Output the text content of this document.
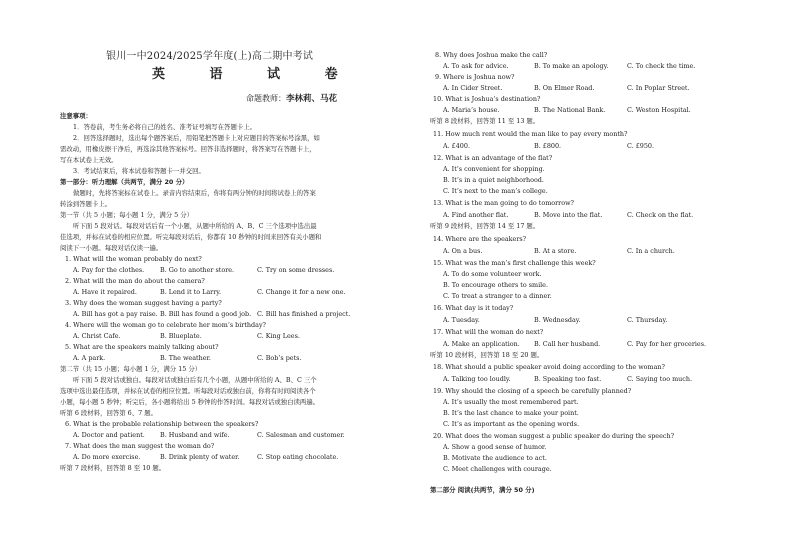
银川一中2024/2025学年度(上)高二期中考试
英 语 试 卷
命题教师：李林莉、马花
注意事项：
1．答卷前，考生务必将自己的姓名、准考证号填写在答题卡上。
2．回答选择题时，选出每个题答案后，用铅笔把答题卡上对应题目的答案标号涂黑，如
需改动，用橡皮擦干净后，再选涂其他答案标号。回答非选择题时，将答案写在答题卡上，
写在本试卷上无效。
3．考试结束后，将本试卷和答题卡一并交回。
第一部分：听力理解（共两节，满分 20 分）
做题时，先将答案标在试卷上。录音内容结束后，你将有两分钟的时间将试卷上的答案
转涂到答题卡上。
第一节（共 5 小题；每小题 1 分，满分 5 分）
听下面 5 段对话。每段对话后有一个小题，从题中所给的 A、B、C 三个选项中选出最
佳选项，并标在试卷的相应位置。听完每段对话后，你都有 10 秒钟的时间来回答有关小题和
阅读下一小题。每段对话仅读一遍。
1. What will the woman probably do next?
A. Pay for the clothes. B. Go to another store.	C. Try on some dresses.
2. What will the man do about the camera?
A. Have it repaired.	B. Lend it to Larry.	C. Change it for a new one.
3. Why does the woman suggest having a party?
A. Bill has got a pay raise. B. Bill has found a good job. C. Bill has finished a project.
4. Where will the woman go to celebrate her mom’s birthday?
A. Christ Cafe.	B. Blueplate.	C. King Lees.
5. What are the speakers mainly talking about?
A. A park.	B. The weather.	C. Bob’s pets.
第二节（共 15 小题；每小题 1 分，满分 15 分）
听下面 5 段对话或独白。每段对话或独白后有几个小题，从题中所给的 A、B、C 三个
选项中选出最佳选项，并标在试卷的相应位置。听每段对话或独白前，你将有时间阅读各个
小题，每小题 5 秒钟；听完后，各小题将给出 5 秒钟的作答时间。每段对话或独白读两遍。
听第 6 段材料，回答第 6、7 题。
6. What is the probable relationship between the speakers?
A. Doctor and patient. B. Husband and wife.	C. Salesman and customer.
7. What does the man suggest the woman do?
A. Do more exercise.	B. Drink plenty of water.	C. Stop eating chocolate.
听第 7 段材料，回答第 8 至 10 题。
8. Why does Joshua make the call?
A. To ask for advice.	B. To make an apology.	C. To check the time.
9. Where is Joshua now?
A. In Cider Street.	B. On Elmer Road.	C. In Poplar Street.
10. What is Joshua’s destination?
A. Maria’s house.	B. The National Bank.	C. Weston Hospital.
听第 8 段材料，回答第 11 至 13 题。
11. How much rent would the man like to pay every month?
A. £400.	B. £800.	C. £950.
12. What is an advantage of the flat?
A. It’s convenient for shopping.
B. It’s in a quiet neighborhood.
C. It’s next to the man’s college.
13. What is the man going to do tomorrow?
A. Find another flat.	B. Move into the flat.	C. Check on the flat.
听第 9 段材料，回答第 14 至 17 题。
14. Where are the speakers?
A. On a bus.	B. At a store.	C. In a church.
15. What was the man’s first challenge this week?
A. To do some volunteer work.
B. To encourage others to smile.
C. To treat a stranger to a dinner.
16. What day is it today?
A. Tuesday.	B. Wednesday.	C. Thursday.
17. What will the woman do next?
A. Make an application. B. Call her husband.	C. Pay for her groceries.
听第 10 段材料，回答第 18 至 20 题。
18. What should a public speaker avoid doing according to the woman?
A. Talking too loudly.	B. Speaking too fast.	C. Saying too much.
19. Why should the closing of a speech be carefully planned?
A. It’s usually the most remembered part.
B. It’s the last chance to make your point.
C. It’s as important as the opening words.
20. What does the woman suggest a public speaker do during the speech?
A. Show a good sense of humor.
B. Motivate the audience to act.
C. Meet challenges with courage.
第二部分 阅读(共两节，满分 50 分)
